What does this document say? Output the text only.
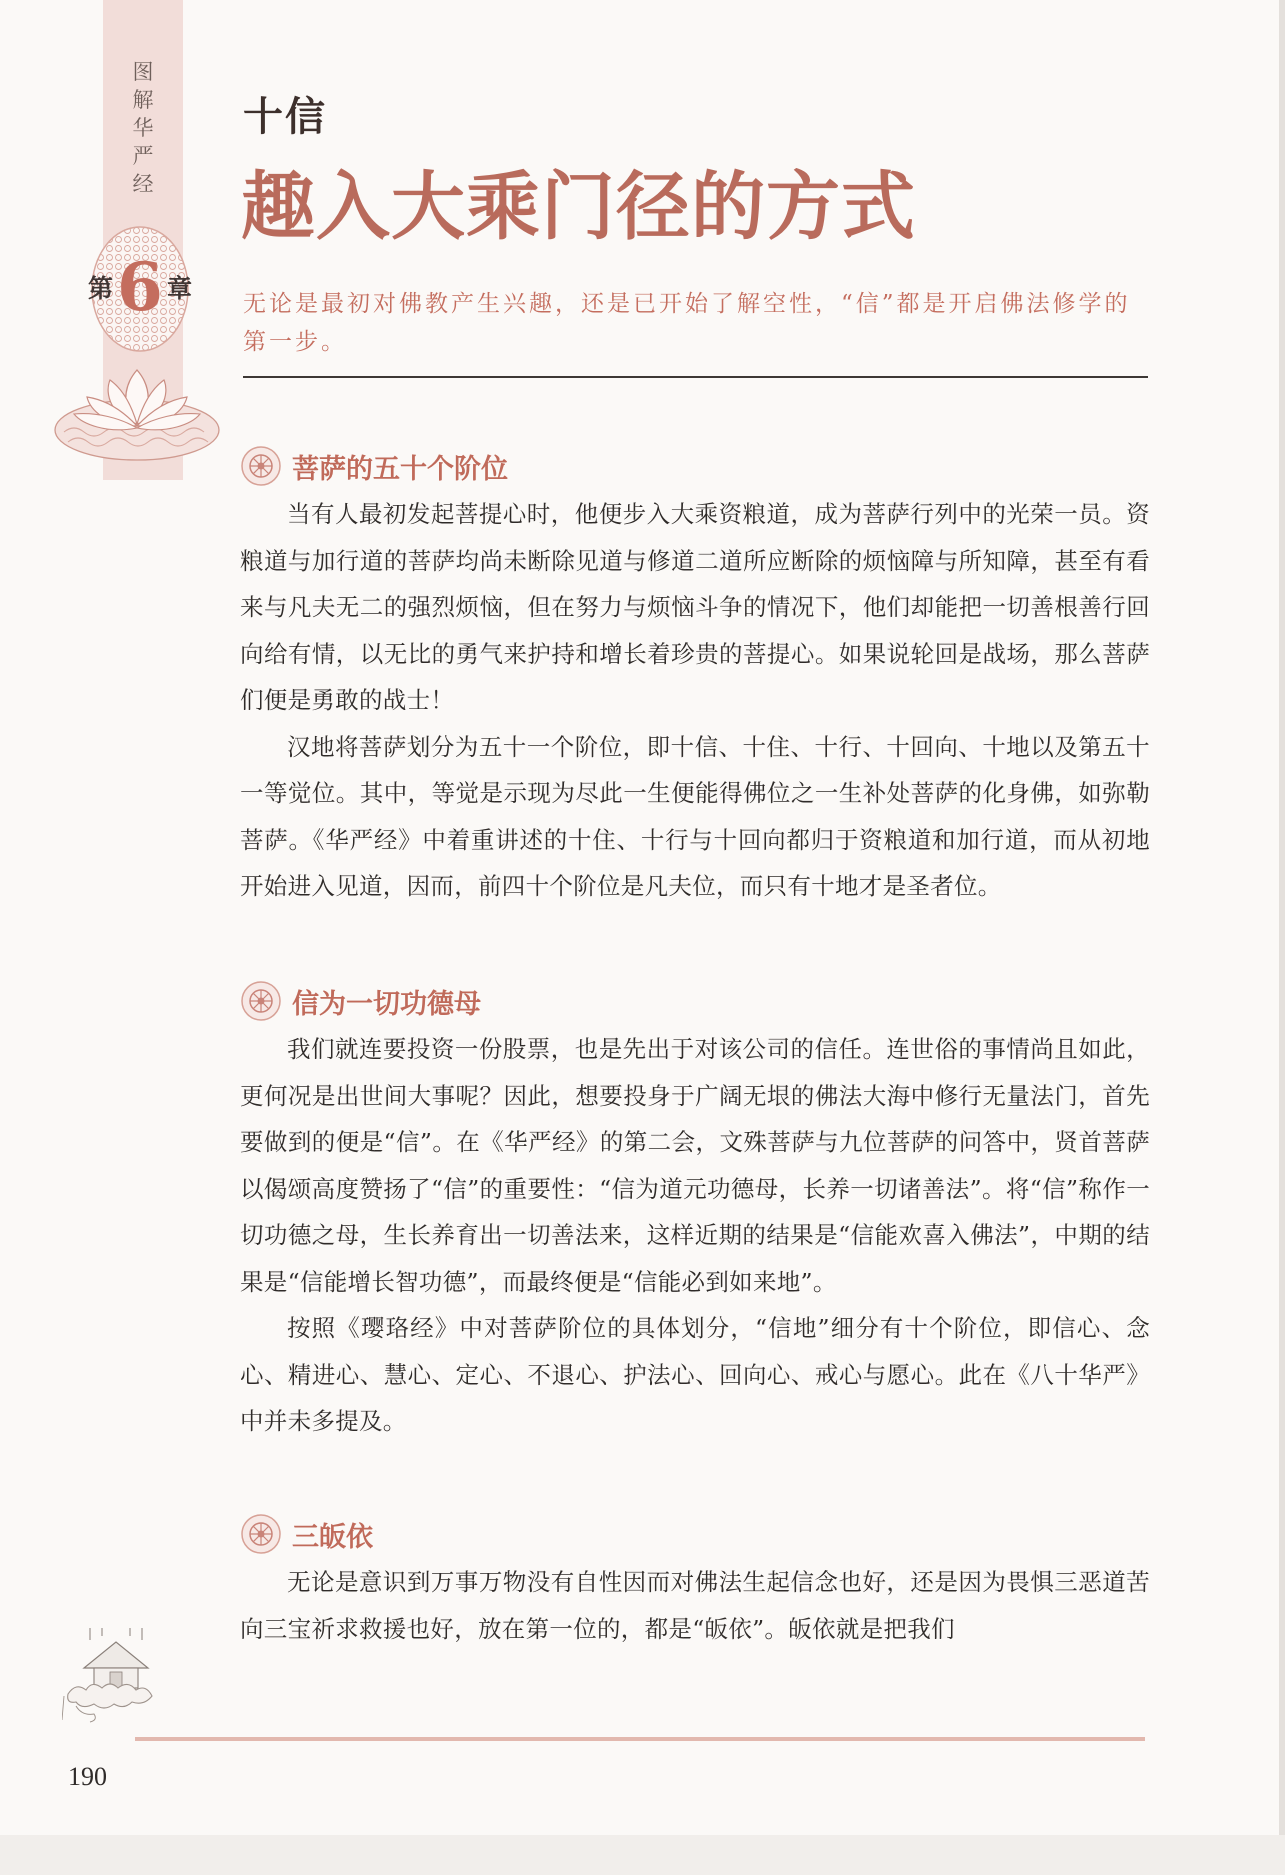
图
解
华
严
经
第6 章
十信
趣入大乘门径的方式
无论是最初对佛教产生兴趣，还是已开始了解空性，“信”都是开启佛法修学的第一步。
菩萨的五十个阶位

当有人最初发起菩提心时，他便步入大乘资粮道，成为菩萨行列中的光荣一员。资粮道与加行道的菩萨均尚未断除见道与修道二道所应断除的烦恼障与所知障，甚至有看来与凡夫无二的强烈烦恼，但在努力与烦恼斗争的情况下，他们却能把一切善根善行回向给有情，以无比的勇气来护持和增长着珍贵的菩提心。如果说轮回是战场，那么菩萨们便是勇敢的战士！

汉地将菩萨划分为五十一个阶位，即十信、十住、十行、十回向、十地以及第五十一等觉位。其中，等觉是示现为尽此一生便能得佛位之一生补处菩萨的化身佛，如弥勒菩萨。《华严经》中着重讲述的十住、十行与十回向都归于资粮道和加行道，而从初地开始进入见道，因而，前四十个阶位是凡夫位，而只有十地才是圣者位。

信为一切功德母

我们就连要投资一份股票，也是先出于对该公司的信任。连世俗的事情尚且如此，更何况是出世间大事呢？因此，想要投身于广阔无垠的佛法大海中修行无量法门，首先要做到的便是“信”。在《华严经》的第二会，文殊菩萨与九位菩萨的问答中，贤首菩萨以偈颂高度赞扬了“信”的重要性：“信为道元功德母，长养一切诸善法”。将“信”称作一切功德之母，生长养育出一切善法来，这样近期的结果是“信能欢喜入佛法”，中期的结果是“信能增长智功德”，而最终便是“信能必到如来地”。

按照《璎珞经》中对菩萨阶位的具体划分，“信地”细分有十个阶位，即信心、念心、精进心、慧心、定心、不退心、护法心、回向心、戒心与愿心。此在《八十华严》中并未多提及。

三皈依

无论是意识到万事万物没有自性因而对佛法生起信念也好，还是因为畏惧三恶道苦向三宝祈求救援也好，放在第一位的，都是“皈依”。皈依就是把我们

190
